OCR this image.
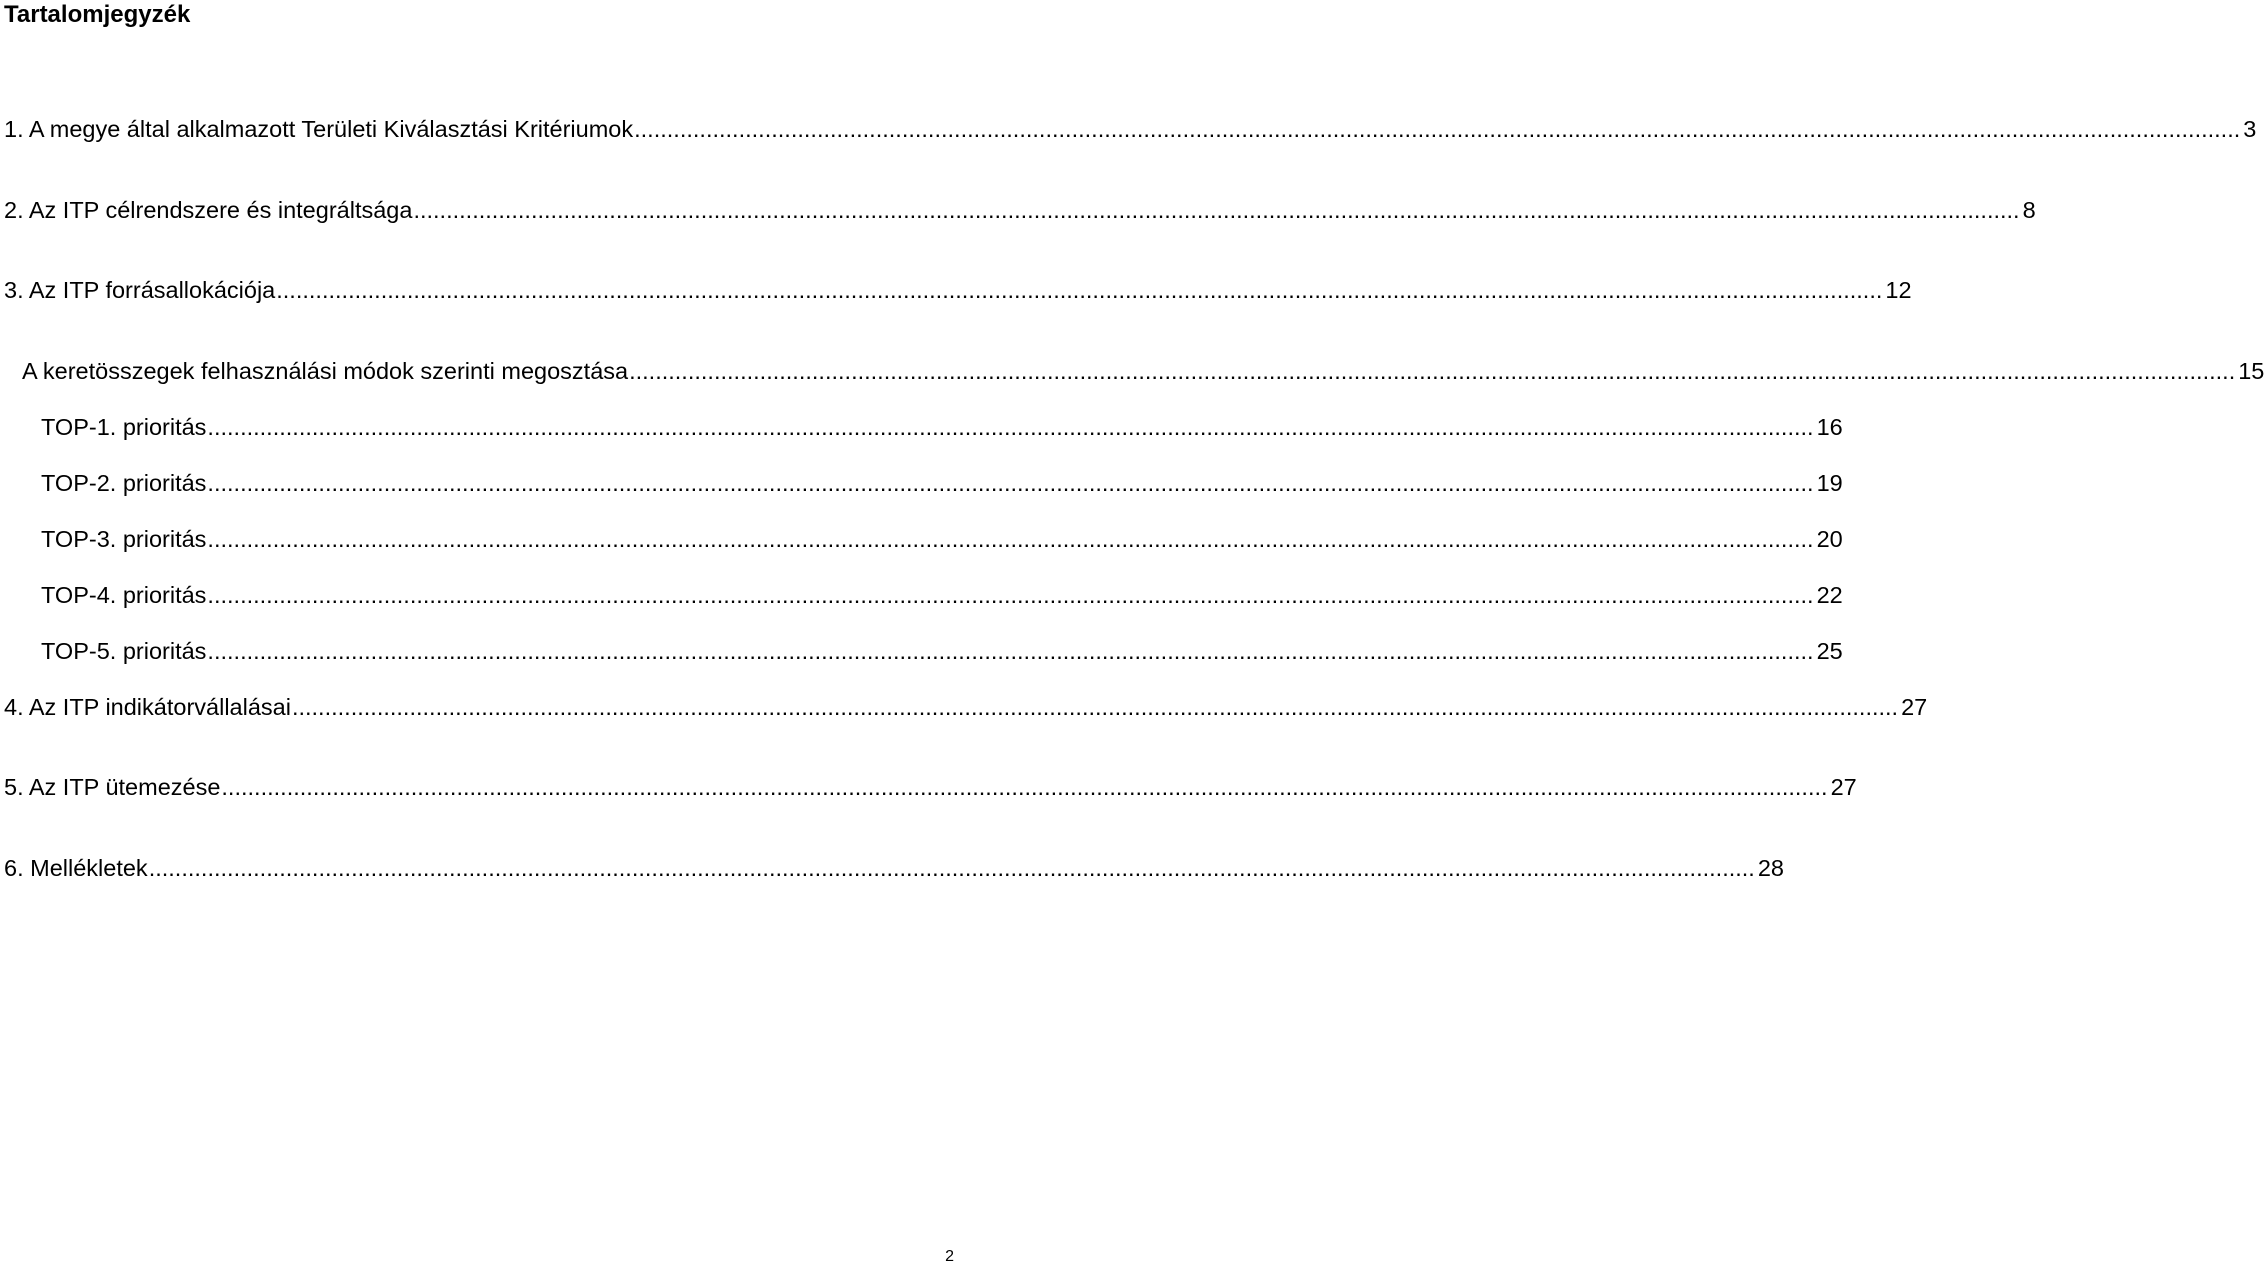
Tartalomjegyzék
1. A megye által alkalmazott Területi Kiválasztási Kritériumok ...................................................................................................................................................................................................................................................... 3
2. Az ITP célrendszere és integráltsága ...................................................................................................................................................................................................................................................... 8
3. Az ITP forrásallokációja ...................................................................................................................................................................................................................................................... 12
A keretösszegek felhasználási módok szerinti megosztása ...................................................................................................................................................................................................................................................... 15
TOP-1. prioritás ...................................................................................................................................................................................................................................................... 16
TOP-2. prioritás ...................................................................................................................................................................................................................................................... 19
TOP-3. prioritás ...................................................................................................................................................................................................................................................... 20
TOP-4. prioritás ...................................................................................................................................................................................................................................................... 22
TOP-5. prioritás ...................................................................................................................................................................................................................................................... 25
4. Az ITP indikátorvállalásai ...................................................................................................................................................................................................................................................... 27
5. Az ITP ütemezése ...................................................................................................................................................................................................................................................... 27
6. Mellékletek ...................................................................................................................................................................................................................................................... 28
2
